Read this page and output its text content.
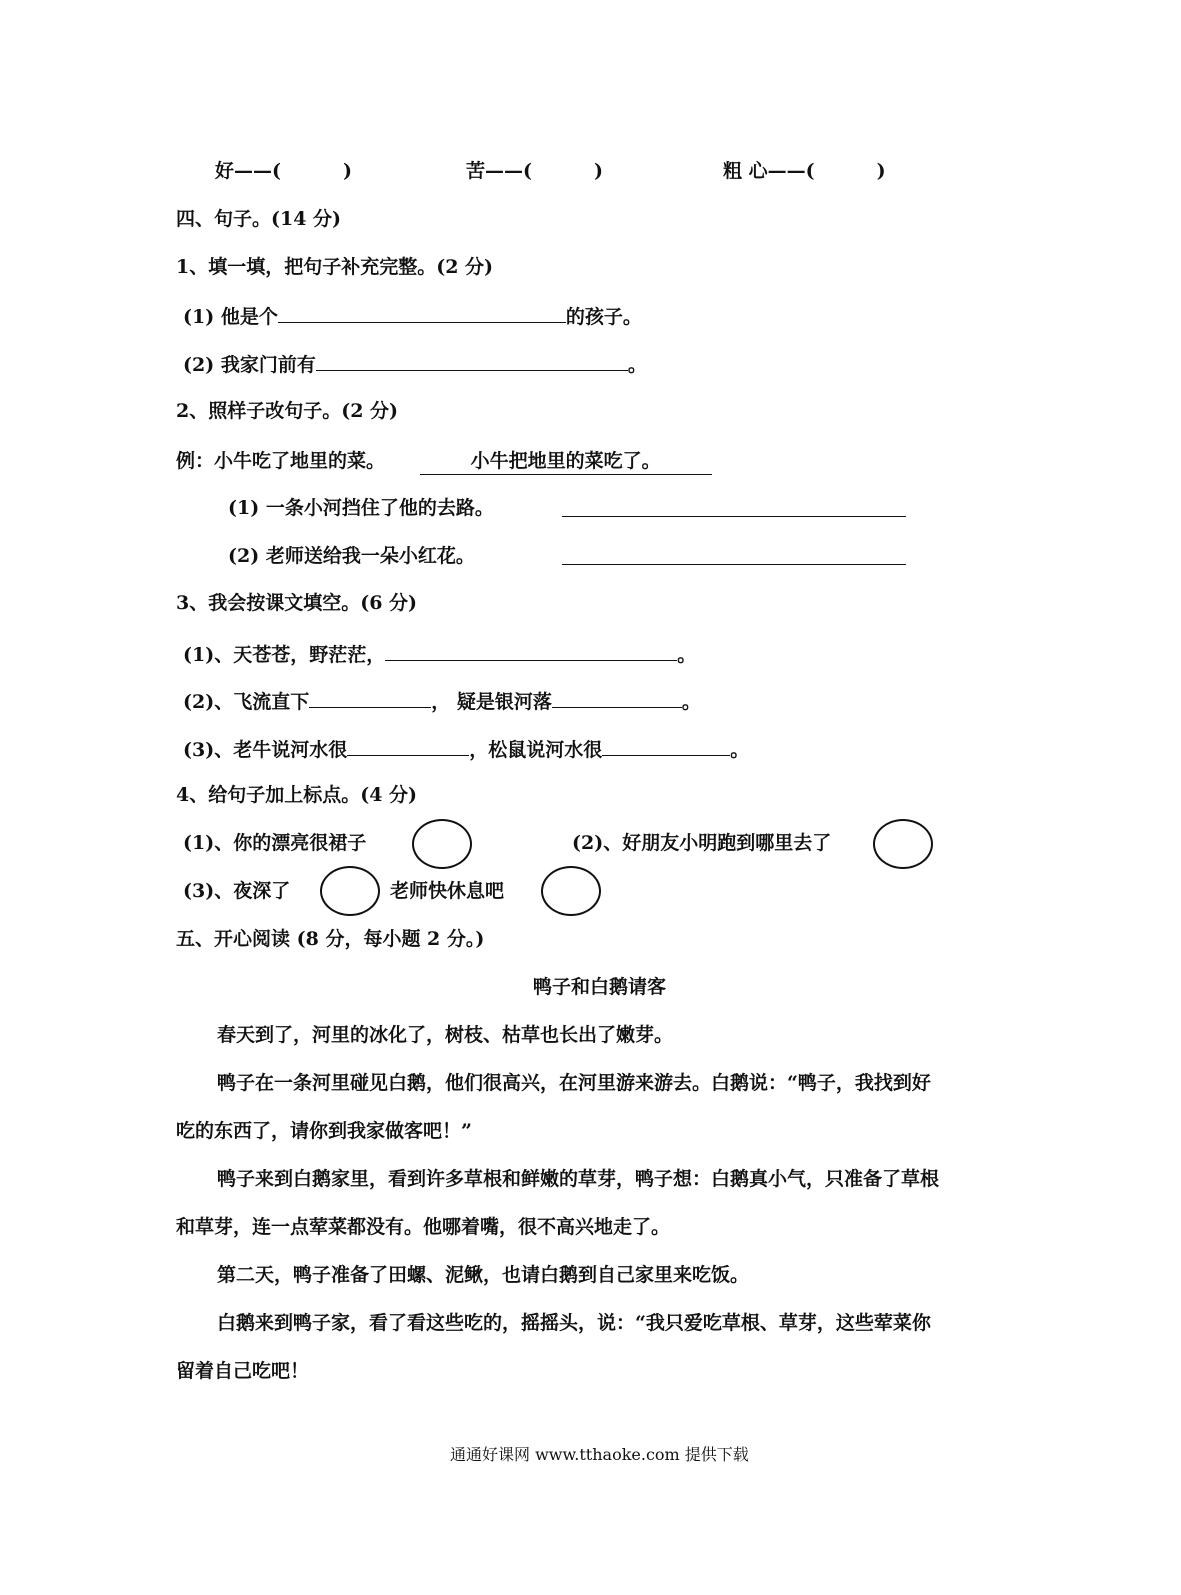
好——(	)	苦——(	)	粗 心——(	)
四、句子。(14 分)
1、填一填，把句子补充完整。(2 分)
(1) 他是个	的孩子。
(2) 我家门前有	。
2、照样子改句子。(2 分)
例：小牛吃了地里的菜。	小牛把地里的菜吃了。
(1) 一条小河挡住了他的去路。
(2) 老师送给我一朵小红花。
3、我会按课文填空。(6 分)
(1)、天苍苍，野茫茫，	。
(2)、飞流直下	， 疑是银河落	。
(3)、老牛说河水很	，松鼠说河水很	。
4、给句子加上标点。(4 分)
(1)、你的漂亮很裙子	(2)、好朋友小明跑到哪里去了
(3)、夜深了	老师快休息吧
五、开心阅读 (8 分，每小题 2 分。)
鸭子和白鹅请客
春天到了，河里的冰化了，树枝、枯草也长出了嫩芽。
鸭子在一条河里碰见白鹅，他们很高兴，在河里游来游去。白鹅说：“鸭子，我找到好
吃的东西了，请你到我家做客吧！”
鸭子来到白鹅家里，看到许多草根和鲜嫩的草芽，鸭子想：白鹅真小气，只准备了草根
和草芽，连一点荤菜都没有。他哪着嘴，很不高兴地走了。
第二天，鸭子准备了田螺、泥鳅，也请白鹅到自己家里来吃饭。
白鹅来到鸭子家，看了看这些吃的，摇摇头，说：“我只爱吃草根、草芽，这些荤菜你
留着自己吃吧！
通通好课网 www.tthaoke.com 提供下载
